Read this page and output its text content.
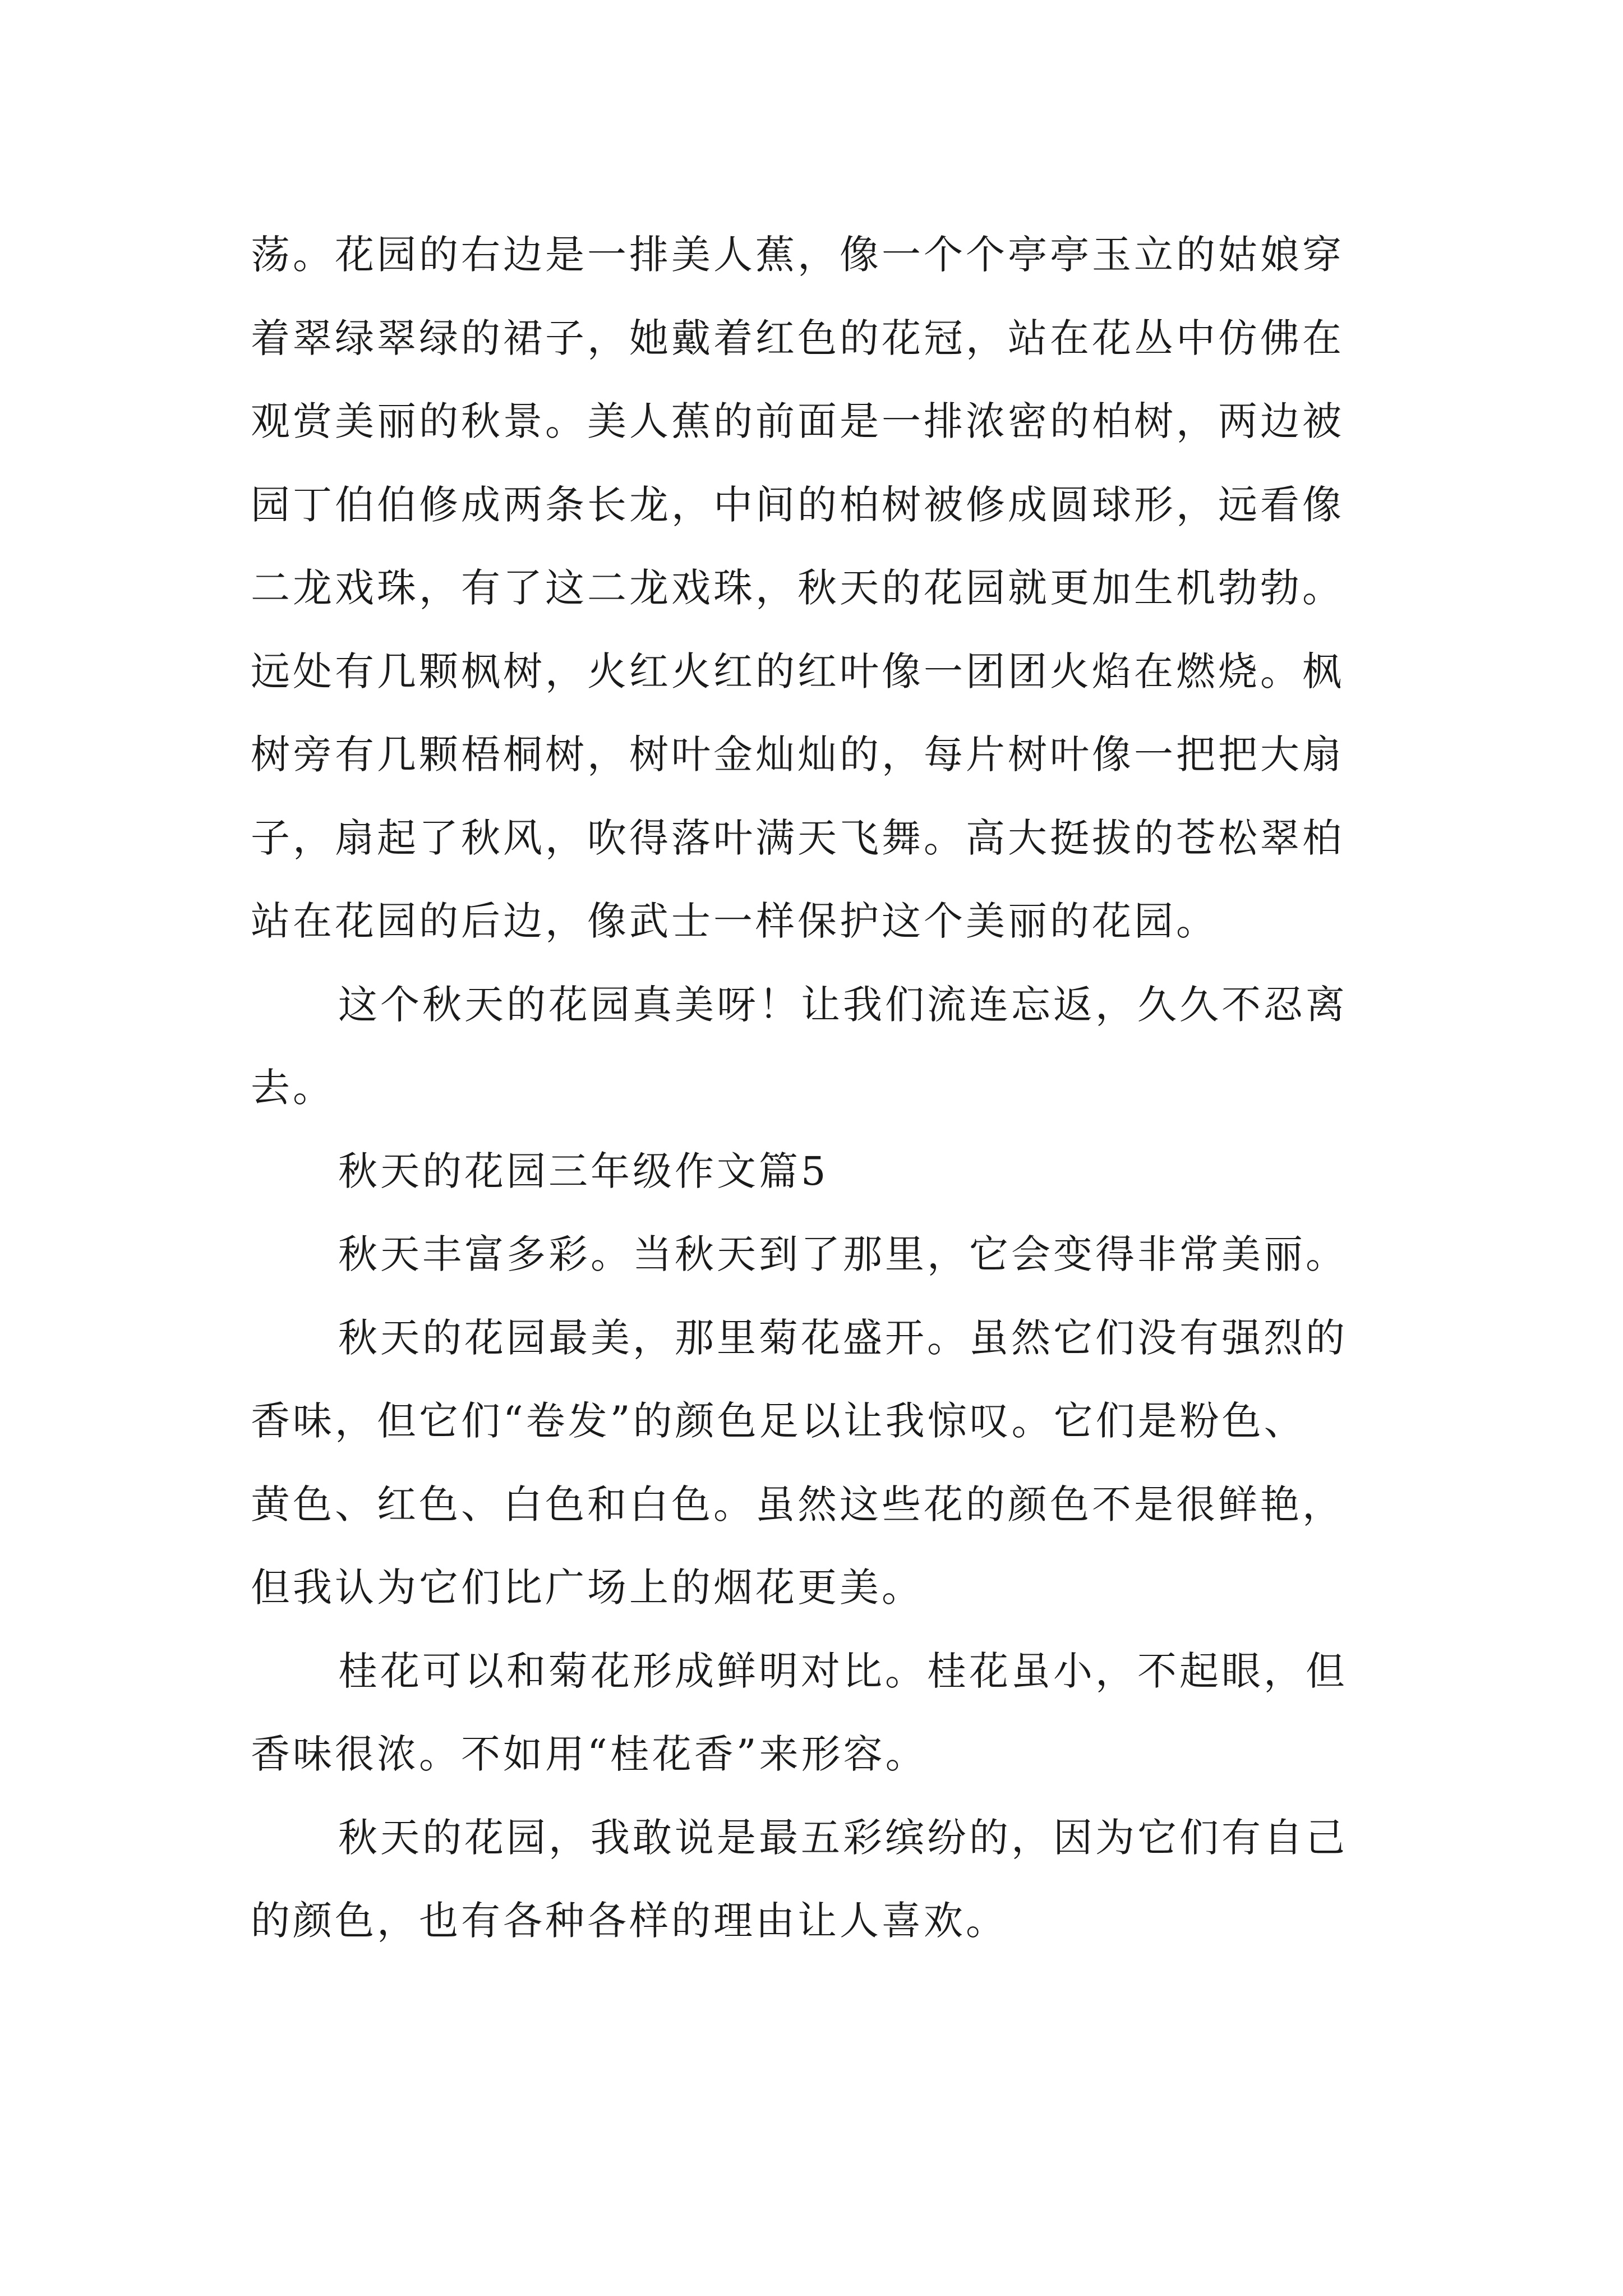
荡。花园的右边是一排美人蕉，像一个个亭亭玉立的姑娘穿
着翠绿翠绿的裙子，她戴着红色的花冠，站在花丛中仿佛在
观赏美丽的秋景。美人蕉的前面是一排浓密的柏树，两边被
园丁伯伯修成两条长龙，中间的柏树被修成圆球形，远看像
二龙戏珠，有了这二龙戏珠，秋天的花园就更加生机勃勃。
远处有几颗枫树，火红火红的红叶像一团团火焰在燃烧。枫
树旁有几颗梧桐树，树叶金灿灿的，每片树叶像一把把大扇
子，扇起了秋风，吹得落叶满天飞舞。高大挺拔的苍松翠柏
站在花园的后边，像武士一样保护这个美丽的花园。
这个秋天的花园真美呀！让我们流连忘返，久久不忍离
去。
秋天的花园三年级作文篇5
秋天丰富多彩。当秋天到了那里，它会变得非常美丽。
秋天的花园最美，那里菊花盛开。虽然它们没有强烈的
香味，但它们“卷发”的颜色足以让我惊叹。它们是粉色、
黄色、红色、白色和白色。虽然这些花的颜色不是很鲜艳，
但我认为它们比广场上的烟花更美。
桂花可以和菊花形成鲜明对比。桂花虽小，不起眼，但
香味很浓。不如用“桂花香”来形容。
秋天的花园，我敢说是最五彩缤纷的，因为它们有自己
的颜色，也有各种各样的理由让人喜欢。
